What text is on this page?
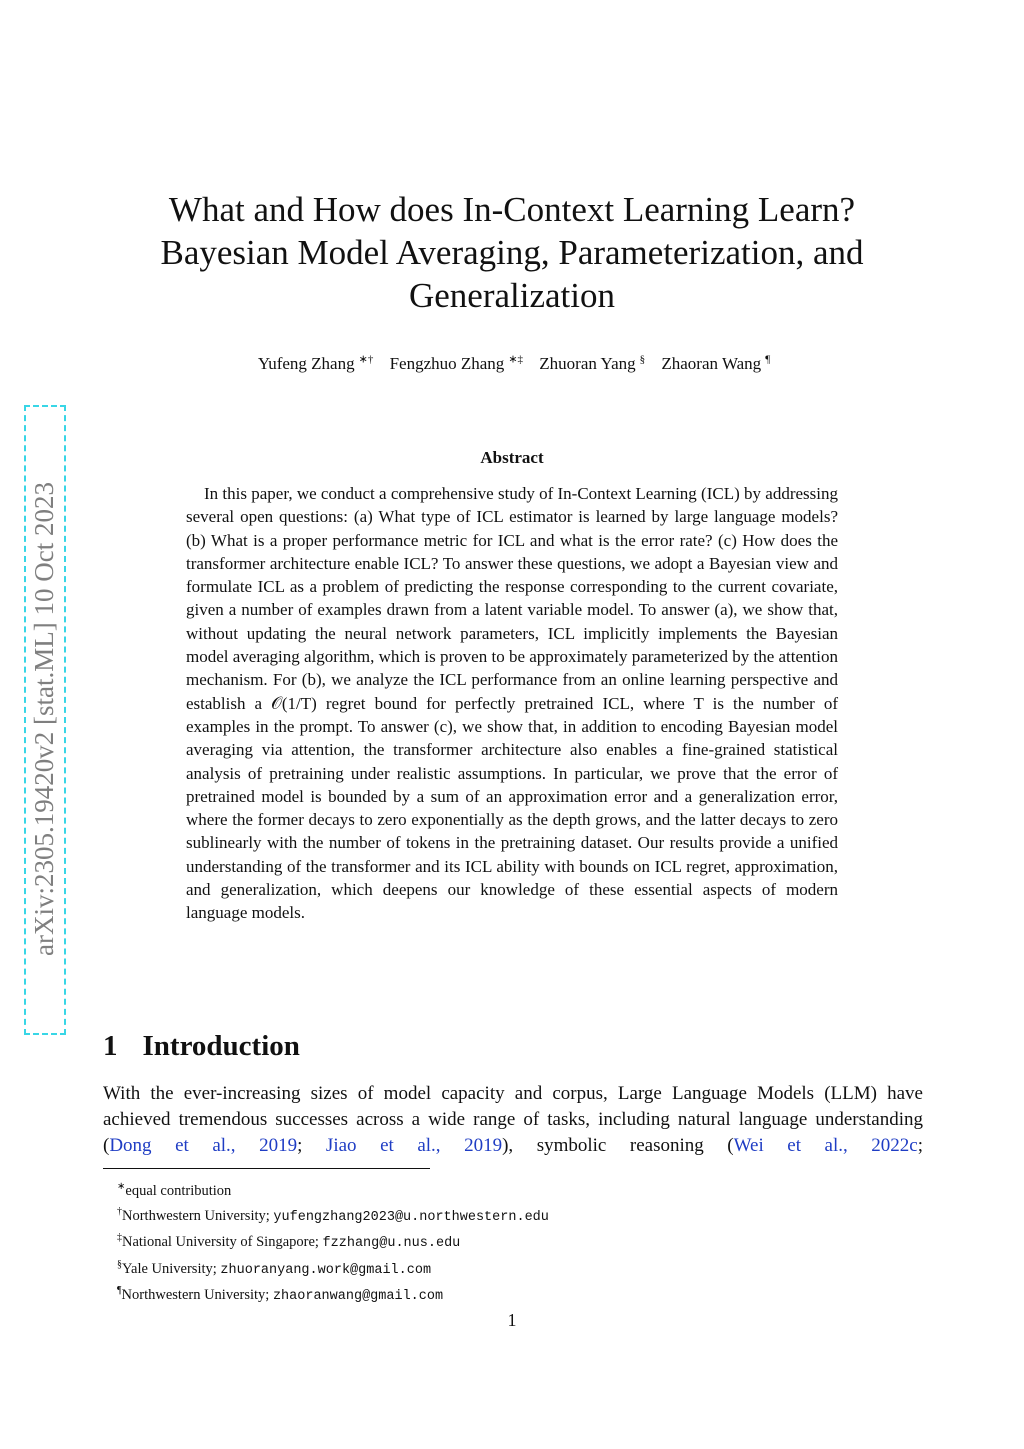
arXiv:2305.19420v2 [stat.ML] 10 Oct 2023
What and How does In-Context Learning Learn?
Bayesian Model Averaging, Parameterization, and
Generalization
Yufeng Zhang ∗† Fengzhuo Zhang ∗‡ Zhuoran Yang § Zhaoran Wang ¶
Abstract

In this paper, we conduct a comprehensive study of In-Context Learning (ICL) by addressing several open questions: (a) What type of ICL estimator is learned by large language models? (b) What is a proper performance metric for ICL and what is the error rate? (c) How does the transformer architecture enable ICL? To answer these questions, we adopt a Bayesian view and formulate ICL as a problem of predicting the response corresponding to the current covariate, given a number of examples drawn from a latent variable model. To answer (a), we show that, without updating the neural network parameters, ICL implicitly implements the Bayesian model averaging algorithm, which is proven to be approximately parameterized by the attention mechanism. For (b), we analyze the ICL performance from an online learning perspective and establish a 𝒪(1/T) regret bound for perfectly pretrained ICL, where T is the number of examples in the prompt. To answer (c), we show that, in addition to encoding Bayesian model averaging via attention, the transformer architecture also enables a fine-grained statistical analysis of pretraining under realistic assumptions. In particular, we prove that the error of pretrained model is bounded by a sum of an approximation error and a generalization error, where the former decays to zero exponentially as the depth grows, and the latter decays to zero sublinearly with the number of tokens in the pretraining dataset. Our results provide a unified understanding of the transformer and its ICL ability with bounds on ICL regret, approximation, and generalization, which deepens our knowledge of these essential aspects of modern language models.

1 Introduction

With the ever-increasing sizes of model capacity and corpus, Large Language Models (LLM) have achieved tremendous successes across a wide range of tasks, including natural language understanding (Dong et al., 2019; Jiao et al., 2019), symbolic reasoning (Wei et al., 2022c;

∗equal contribution
†Northwestern University; yufengzhang2023@u.northwestern.edu
‡National University of Singapore; fzzhang@u.nus.edu
§Yale University; zhuoranyang.work@gmail.com
¶Northwestern University; zhaoranwang@gmail.com
1
